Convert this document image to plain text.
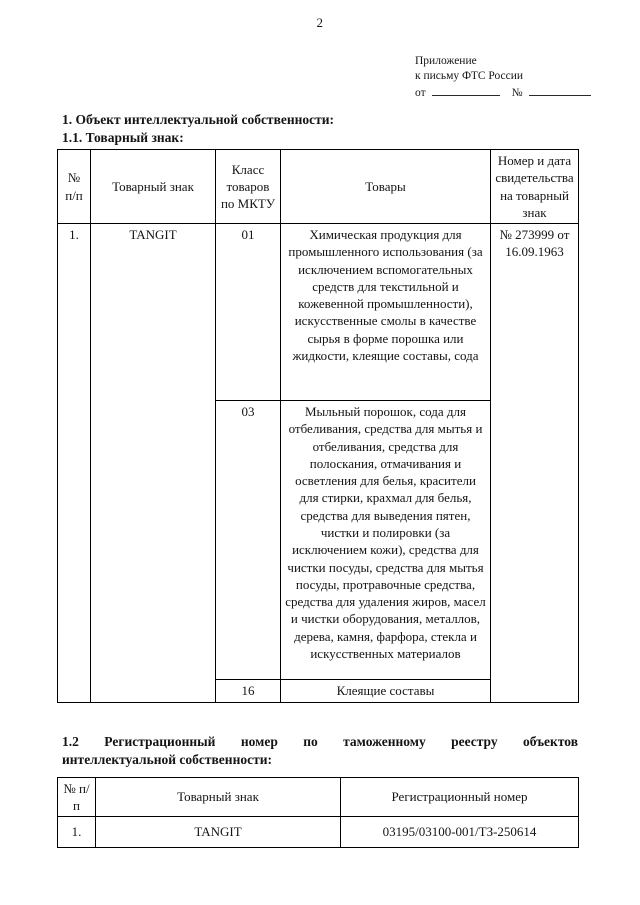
2
Приложение
к письму ФТС России
от	№
1. Объект интеллектуальной собственности:
1.1. Товарный знак:
№ п/п	Товарный знак	Класс товаров по МКТУ	Товары	Номер и дата свидетельства на товарный знак
1.	TANGIT	01	Химическая продукция для промышленного использования (за исключением вспомогательных средств для текстильной и кожевенной промышленности), искусственные смолы в качестве сырья в форме порошка или жидкости, клеящие составы, сода	№ 273999 от 16.09.1963
		03	Мыльный порошок, сода для отбеливания, средства для мытья и отбеливания, средства для полоскания, отмачивания и осветления для белья, красители для стирки, крахмал для белья, средства для выведения пятен, чистки и полировки (за исключением кожи), средства для чистки посуды, средства для мытья посуды, протравочные средства, средства для удаления жиров, масел и чистки оборудования, металлов, дерева, камня, фарфора, стекла и искусственных материалов	
		16	Клеящие составы	
1.2 Регистрационный номер по таможенному реестру объектов
интеллектуальной собственности:
№ п/п	Товарный знак	Регистрационный номер
1.	TANGIT	03195/03100-001/ТЗ-250614
